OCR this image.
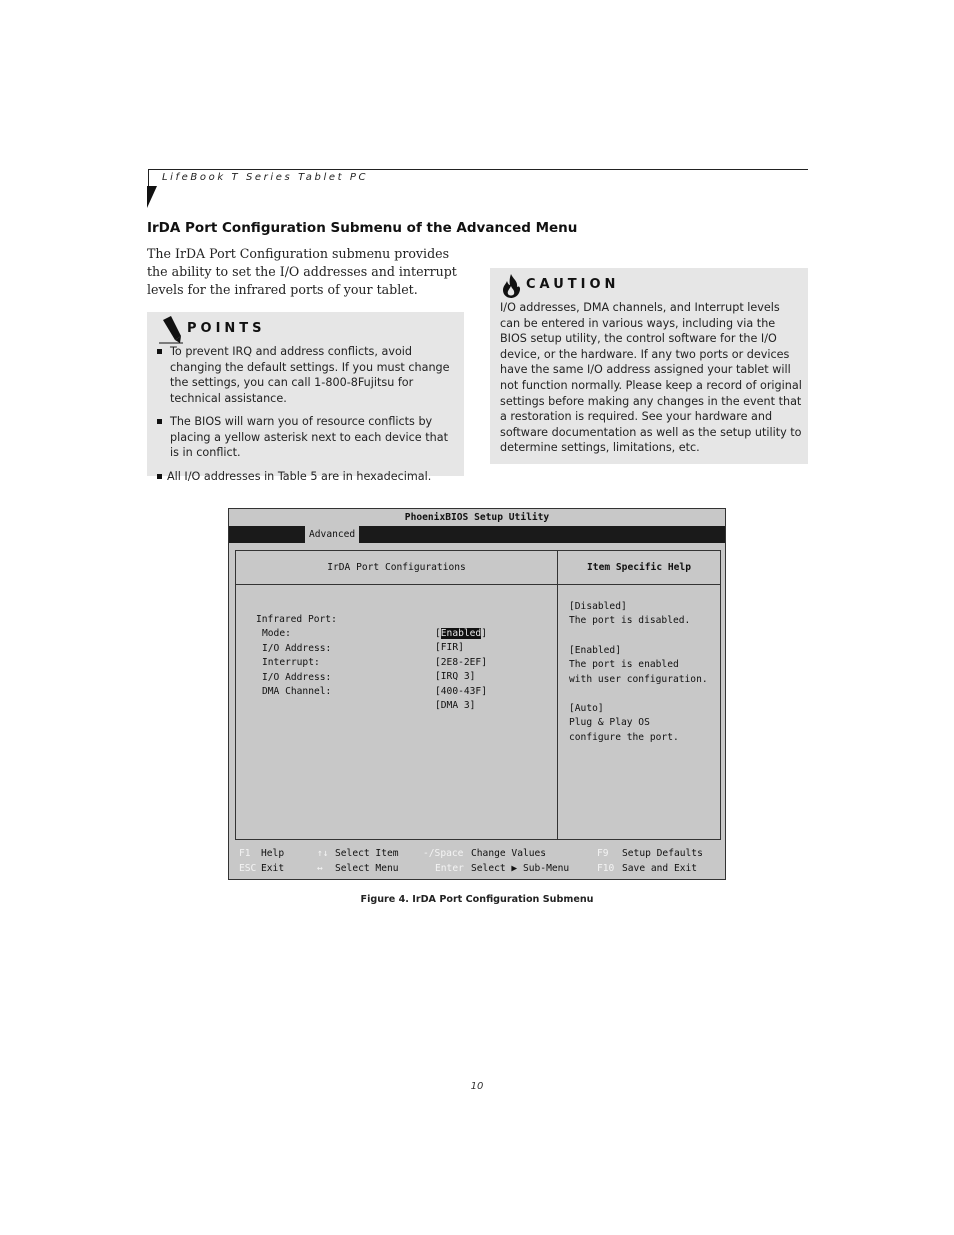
LifeBook T Series Tablet PC
IrDA Port Configuration Submenu of the Advanced Menu
The IrDA Port Configuration submenu provides the ability to set the I/O addresses and interrupt levels for the infrared ports of your tablet.
POINTS
To prevent IRQ and address conflicts, avoid changing the default settings. If you must change the settings, you can call 1-800-8Fujitsu for technical assistance.
The BIOS will warn you of resource conflicts by placing a yellow asterisk next to each device that is in conflict.
All I/O addresses in Table 5 are in hexadecimal.
CAUTION
I/O addresses, DMA channels, and Interrupt levels can be entered in various ways, including via the BIOS setup utility, the control software for the I/O device, or the hardware. If any two ports or devices have the same I/O address assigned your tablet will not function normally. Please keep a record of original settings before making any changes in the event that a restoration is required. See your hardware and software documentation as well as the setup utility to determine settings, limitations, etc.
PhoenixBIOS Setup Utility
Advanced
IrDA Port Configurations	Item Specific Help

Infrared Port:

[Enabled]

Mode:

[FIR]

I/O Address:

[2E8-2EF]

Interrupt:

[IRQ 3]

I/O Address:

[400-43F]

DMA Channel:

[DMA 3]

[Disabled]
The port is disabled.
[Enabled]
The port is enabled
with user configuration.
[Auto]
Plug & Play OS
configure the port.
F1 Help
ESC Exit
↑↓ Select Item
↔ Select Menu
-/Space Change Values
Enter Select ▶ Sub-Menu
F9 Setup Defaults
F10 Save and Exit
Figure 4. IrDA Port Configuration Submenu
10
